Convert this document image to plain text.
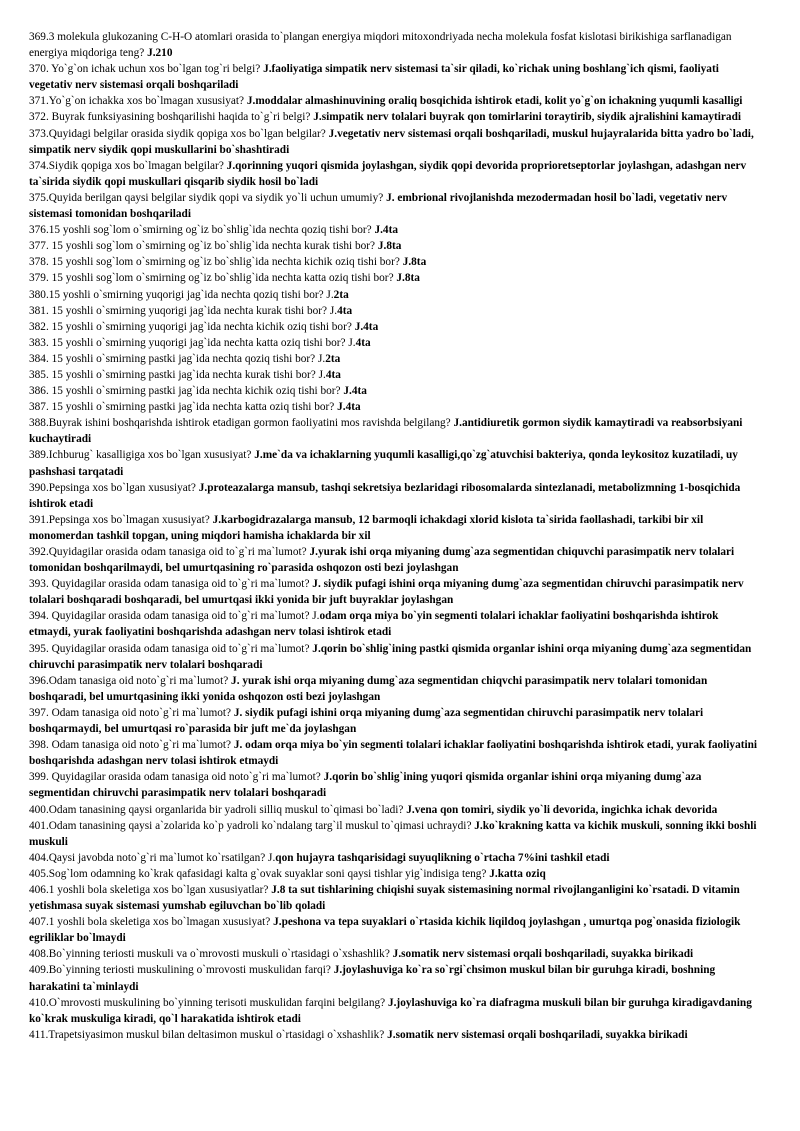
369.3 molekula glukozaning C-H-O atomlari orasida to`plangan energiya miqdori mitoxondriyada necha molekula fosfat kislotasi birikishiga sarflanadigan energiya miqdoriga teng? J.210

370. Yo`g`on ichak uchun xos bo`lgan tog`ri belgi? J.faoliyatiga simpatik nerv sistemasi ta`sir qiladi, ko`richak uning boshlang`ich qismi, faoliyati vegetativ nerv sistemasi orqali boshqariladi

371.Yo`g`on ichakka xos bo`lmagan xususiyat? J.moddalar almashinuvining oraliq bosqichida ishtirok etadi, kolit yo`g`on ichakning yuqumli kasalligi

372. Buyrak funksiyasining boshqarilishi haqida to`g`ri belgi? J.simpatik nerv tolalari buyrak qon tomirlarini toraytirib, siydik ajralishini kamaytiradi

373.Quyidagi belgilar orasida siydik qopiga xos bo`lgan belgilar? J.vegetativ nerv sistemasi orqali boshqariladi, muskul hujayralarida bitta yadro bo`ladi, simpatik nerv siydik qopi muskullarini bo`shashtiradi

374.Siydik qopiga xos bo`lmagan belgilar? J.qorinning yuqori qismida joylashgan, siydik qopi devorida proprioretseptorlar joylashgan, adashgan nerv ta`sirida siydik qopi muskullari qisqarib siydik hosil bo`ladi

375.Quyida berilgan qaysi belgilar siydik qopi va siydik yo`li uchun umumiy? J. embrional rivojlanishda mezodermadan hosil bo`ladi, vegetativ nerv sistemasi tomonidan boshqariladi

376.15 yoshli sog`lom o`smirning og`iz bo`shlig`ida nechta qoziq tishi bor? J.4ta

377. 15 yoshli sog`lom o`smirning og`iz bo`shlig`ida nechta kurak tishi bor? J.8ta

378. 15 yoshli sog`lom o`smirning og`iz bo`shlig`ida nechta kichik oziq tishi bor? J.8ta

379. 15 yoshli sog`lom o`smirning og`iz bo`shlig`ida nechta katta oziq tishi bor? J.8ta

380.15 yoshli o`smirning yuqorigi jag`ida nechta qoziq tishi bor? J.2ta

381. 15 yoshli o`smirning yuqorigi jag`ida nechta kurak tishi bor? J.4ta

382. 15 yoshli o`smirning yuqorigi jag`ida nechta kichik oziq tishi bor? J.4ta

383. 15 yoshli o`smirning yuqorigi jag`ida nechta katta oziq tishi bor? J.4ta

384. 15 yoshli o`smirning pastki jag`ida nechta qoziq tishi bor? J.2ta

385. 15 yoshli o`smirning pastki jag`ida nechta kurak tishi bor? J.4ta

386. 15 yoshli o`smirning pastki jag`ida nechta kichik oziq tishi bor? J.4ta

387. 15 yoshli o`smirning pastki jag`ida nechta katta oziq tishi bor? J.4ta

388.Buyrak ishini boshqarishda ishtirok etadigan gormon faoliyatini mos ravishda belgilang? J.antidiuretik gormon siydik kamaytiradi va reabsorbsiyani kuchaytiradi

389.Ichburug` kasalligiga xos bo`lgan xususiyat? J.me`da va ichaklarning yuqumli kasalligi,qo`zg`atuvchisi bakteriya, qonda leykositoz kuzatiladi, uy pashshasi tarqatadi

390.Pepsinga xos bo`lgan xususiyat? J.proteazalarga mansub, tashqi sekretsiya bezlaridagi ribosomalarda sintezlanadi, metabolizmning 1-bosqichida ishtirok etadi

391.Pepsinga xos bo`lmagan xususiyat? J.karbogidrazalarga mansub, 12 barmoqli ichakdagi xlorid kislota ta`sirida faollashadi, tarkibi bir xil monomerdan tashkil topgan, uning miqdori hamisha ichaklarda bir xil

392.Quyidagilar orasida odam tanasiga oid to`g`ri ma`lumot? J.yurak ishi orqa miyaning dumg`aza segmentidan chiquvchi parasimpatik nerv tolalari tomonidan boshqarilmaydi, bel umurtqasining ro`parasida oshqozon osti bezi joylashgan

393. Quyidagilar orasida odam tanasiga oid to`g`ri ma`lumot? J. siydik pufagi ishini orqa miyaning dumg`aza segmentidan chiruvchi parasimpatik nerv tolalari boshqaradi boshqaradi, bel umurtqasi ikki yonida bir juft buyraklar joylashgan

394. Quyidagilar orasida odam tanasiga oid to`g`ri ma`lumot? J.odam orqa miya bo`yin segmenti tolalari ichaklar faoliyatini boshqarishda ishtirok etmaydi, yurak faoliyatini boshqarishda adashgan nerv tolasi ishtirok etadi

395. Quyidagilar orasida odam tanasiga oid to`g`ri ma`lumot? J.qorin bo`shlig`ining pastki qismida organlar ishini orqa miyaning dumg`aza segmentidan chiruvchi parasimpatik nerv tolalari boshqaradi

396.Odam tanasiga oid noto`g`ri ma`lumot? J. yurak ishi orqa miyaning dumg`aza segmentidan chiqvchi parasimpatik nerv tolalari tomonidan boshqaradi, bel umurtqasining ikki yonida oshqozon osti bezi joylashgan

397. Odam tanasiga oid noto`g`ri ma`lumot? J. siydik pufagi ishini orqa miyaning dumg`aza segmentidan chiruvchi parasimpatik nerv tolalari boshqarmaydi, bel umurtqasi ro`parasida bir juft me`da joylashgan

398. Odam tanasiga oid noto`g`ri ma`lumot? J. odam orqa miya bo`yin segmenti tolalari ichaklar faoliyatini boshqarishda ishtirok etadi, yurak faoliyatini boshqarishda adashgan nerv tolasi ishtirok etmaydi

399. Quyidagilar orasida odam tanasiga oid noto`g`ri ma`lumot? J.qorin bo`shlig`ining yuqori qismida organlar ishini orqa miyaning dumg`aza segmentidan chiruvchi parasimpatik nerv tolalari boshqaradi

400.Odam tanasining qaysi organlarida bir yadroli silliq muskul to`qimasi bo`ladi? J.vena qon tomiri, siydik yo`li devorida, ingichka ichak devorida

401.Odam tanasining qaysi a`zolarida ko`p yadroli ko`ndalang targ`il muskul to`qimasi uchraydi? J.ko`krakning katta va kichik muskuli, sonning ikki boshli muskuli

404.Qaysi javobda noto`g`ri ma`lumot ko`rsatilgan? J.qon hujayra tashqarisidagi suyuqlikning o`rtacha 7%ini tashkil etadi

405.Sog`lom odamning ko`krak qafasidagi kalta g`ovak suyaklar soni qaysi tishlar yig`indisiga teng? J.katta oziq

406.1 yoshli bola skeletiga xos bo`lgan xususiyatlar? J.8 ta sut tishlarining chiqishi suyak sistemasining normal rivojlanganligini ko`rsatadi. D vitamin yetishmasa suyak sistemasi yumshab egiluvchan bo`lib qoladi

407.1 yoshli bola skeletiga xos bo`lmagan xususiyat? J.peshona va tepa suyaklari o`rtasida kichik liqildoq joylashgan , umurtqa pog`onasida fiziologik egriliklar bo`lmaydi

408.Bo`yinning teriosti muskuli va o`mrovosti muskuli o`rtasidagi o`xshashlik? J.somatik nerv sistemasi orqali boshqariladi, suyakka birikadi

409.Bo`yinning teriosti muskulining o`mrovosti muskulidan farqi? J.joylashuviga ko`ra so`rgi`chsimon muskul bilan bir guruhga kiradi, boshning harakatini ta`minlaydi

410.O`mrovosti muskulining bo`yinning terisoti muskulidan farqini belgilang? J.joylashuviga ko`ra diafragma muskuli bilan bir guruhga kiradigavdaning ko`krak muskuliga kiradi, qo`l harakatida ishtirok etadi

411.Trapetsiyasimon muskul bilan deltasimon muskul o`rtasidagi o`xshashlik? J.somatik nerv sistemasi orqali boshqariladi, suyakka birikadi
